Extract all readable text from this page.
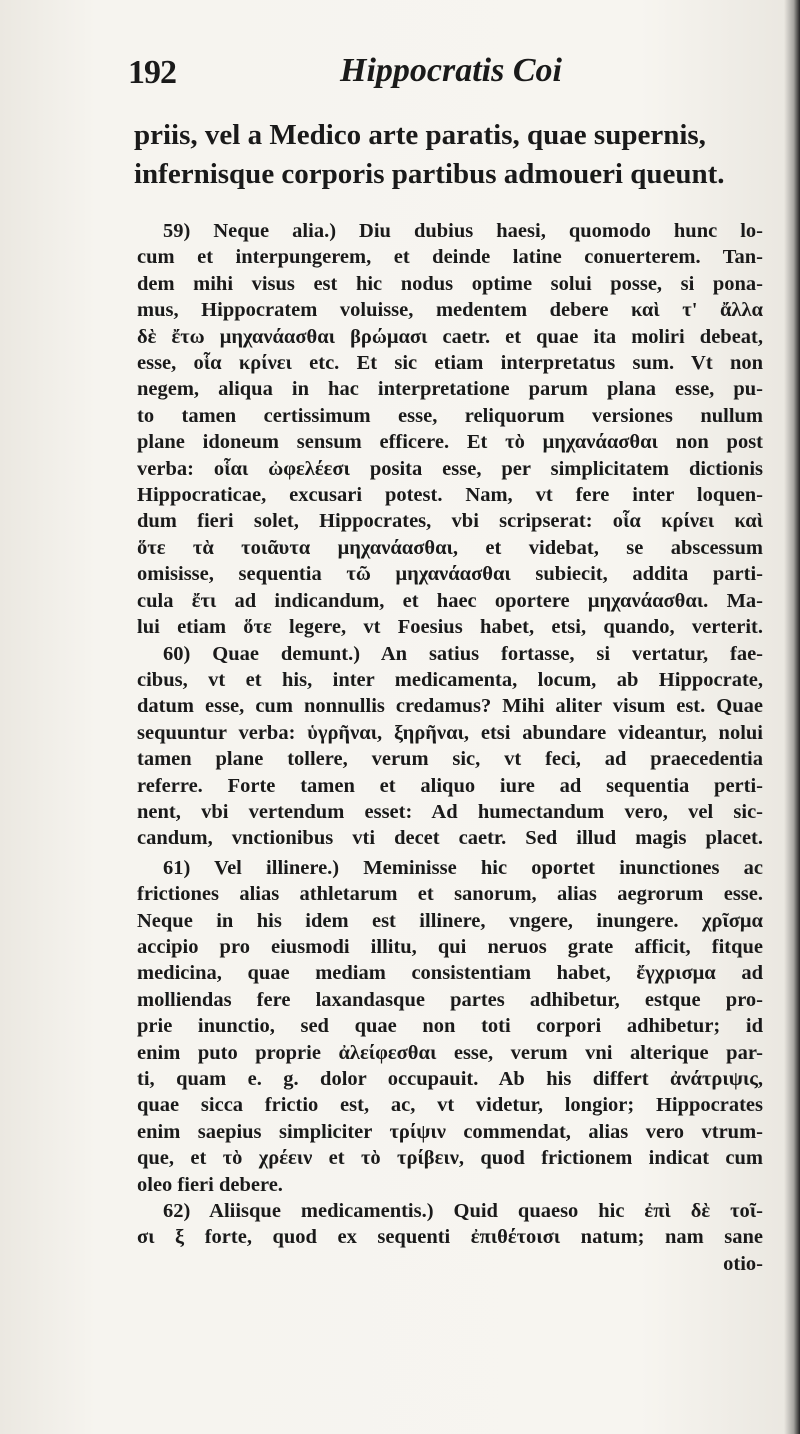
192	Hippocratis Coi
priis, vel a Medico arte paratis, quae supernis,
infernisque corporis partibus admoueri queunt.
59) Neque alia.) Diu dubius haesi, quomodo hunc lo-
cum et interpungerem, et deinde latine conuerterem. Tan-
dem mihi visus est hic nodus optime solui posse, si pona-
mus, Hippocratem voluisse, medentem debere καὶ τ' ἄλλα
δὲ ἔτω μηχανάασθαι βρώμασι caetr. et quae ita moliri debeat,
esse, οἷα κρίνει etc. Et sic etiam interpretatus sum. Vt non
negem, aliqua in hac interpretatione parum plana esse, pu-
to tamen certissimum esse, reliquorum versiones nullum
plane idoneum sensum efficere. Et τὸ μηχανάασθαι non post
verba: οἷαι ὠφελέεσι posita esse, per simplicitatem dictionis
Hippocraticae, excusari potest. Nam, vt fere inter loquen-
dum fieri solet, Hippocrates, vbi scripserat: οἷα κρίνει καὶ
ὅτε τὰ τοιᾶυτα μηχανάασθαι, et videbat, se abscessum
omisisse, sequentia τῶ μηχανάασθαι subiecit, addita parti-
cula ἔτι ad indicandum, et haec oportere μηχανάασθαι. Ma-
lui etiam ὅτε legere, vt Foesius habet, etsi, quando, verterit.
60) Quae demunt.) An satius fortasse, si vertatur, fae-
cibus, vt et his, inter medicamenta, locum, ab Hippocrate,
datum esse, cum nonnullis credamus? Mihi aliter visum est. Quae
sequuntur verba: ὑγρῆναι, ξηρῆναι, etsi abundare videantur, nolui
tamen plane tollere, verum sic, vt feci, ad praecedentia
referre. Forte tamen et aliquo iure ad sequentia perti-
nent, vbi vertendum esset: Ad humectandum vero, vel sic-
candum, vnctionibus vti decet caetr. Sed illud magis placet.
61) Vel illinere.) Meminisse hic oportet inunctiones ac
frictiones alias athletarum et sanorum, alias aegrorum esse.
Neque in his idem est illinere, vngere, inungere. χρῖσμα
accipio pro eiusmodi illitu, qui neruos grate afficit, fitque
medicina, quae mediam consistentiam habet, ἔγχρισμα ad
molliendas fere laxandasque partes adhibetur, estque pro-
prie inunctio, sed quae non toti corpori adhibetur; id
enim puto proprie ἀλείφεσθαι esse, verum vni alterique par-
ti, quam e. g. dolor occupauit. Ab his differt ἀνάτριψις,
quae sicca frictio est, ac, vt videtur, longior; Hippocrates
enim saepius simpliciter τρίψιν commendat, alias vero vtrum-
que, et τὸ χρέειν et τὸ τρίβειν, quod frictionem indicat cum
oleo fieri debere.
62) Aliisque medicamentis.) Quid quaeso hic ἐπὶ δὲ τοῖ-
σι ξ forte, quod ex sequenti ἐπιθέτοισι natum; nam sane
otio-
